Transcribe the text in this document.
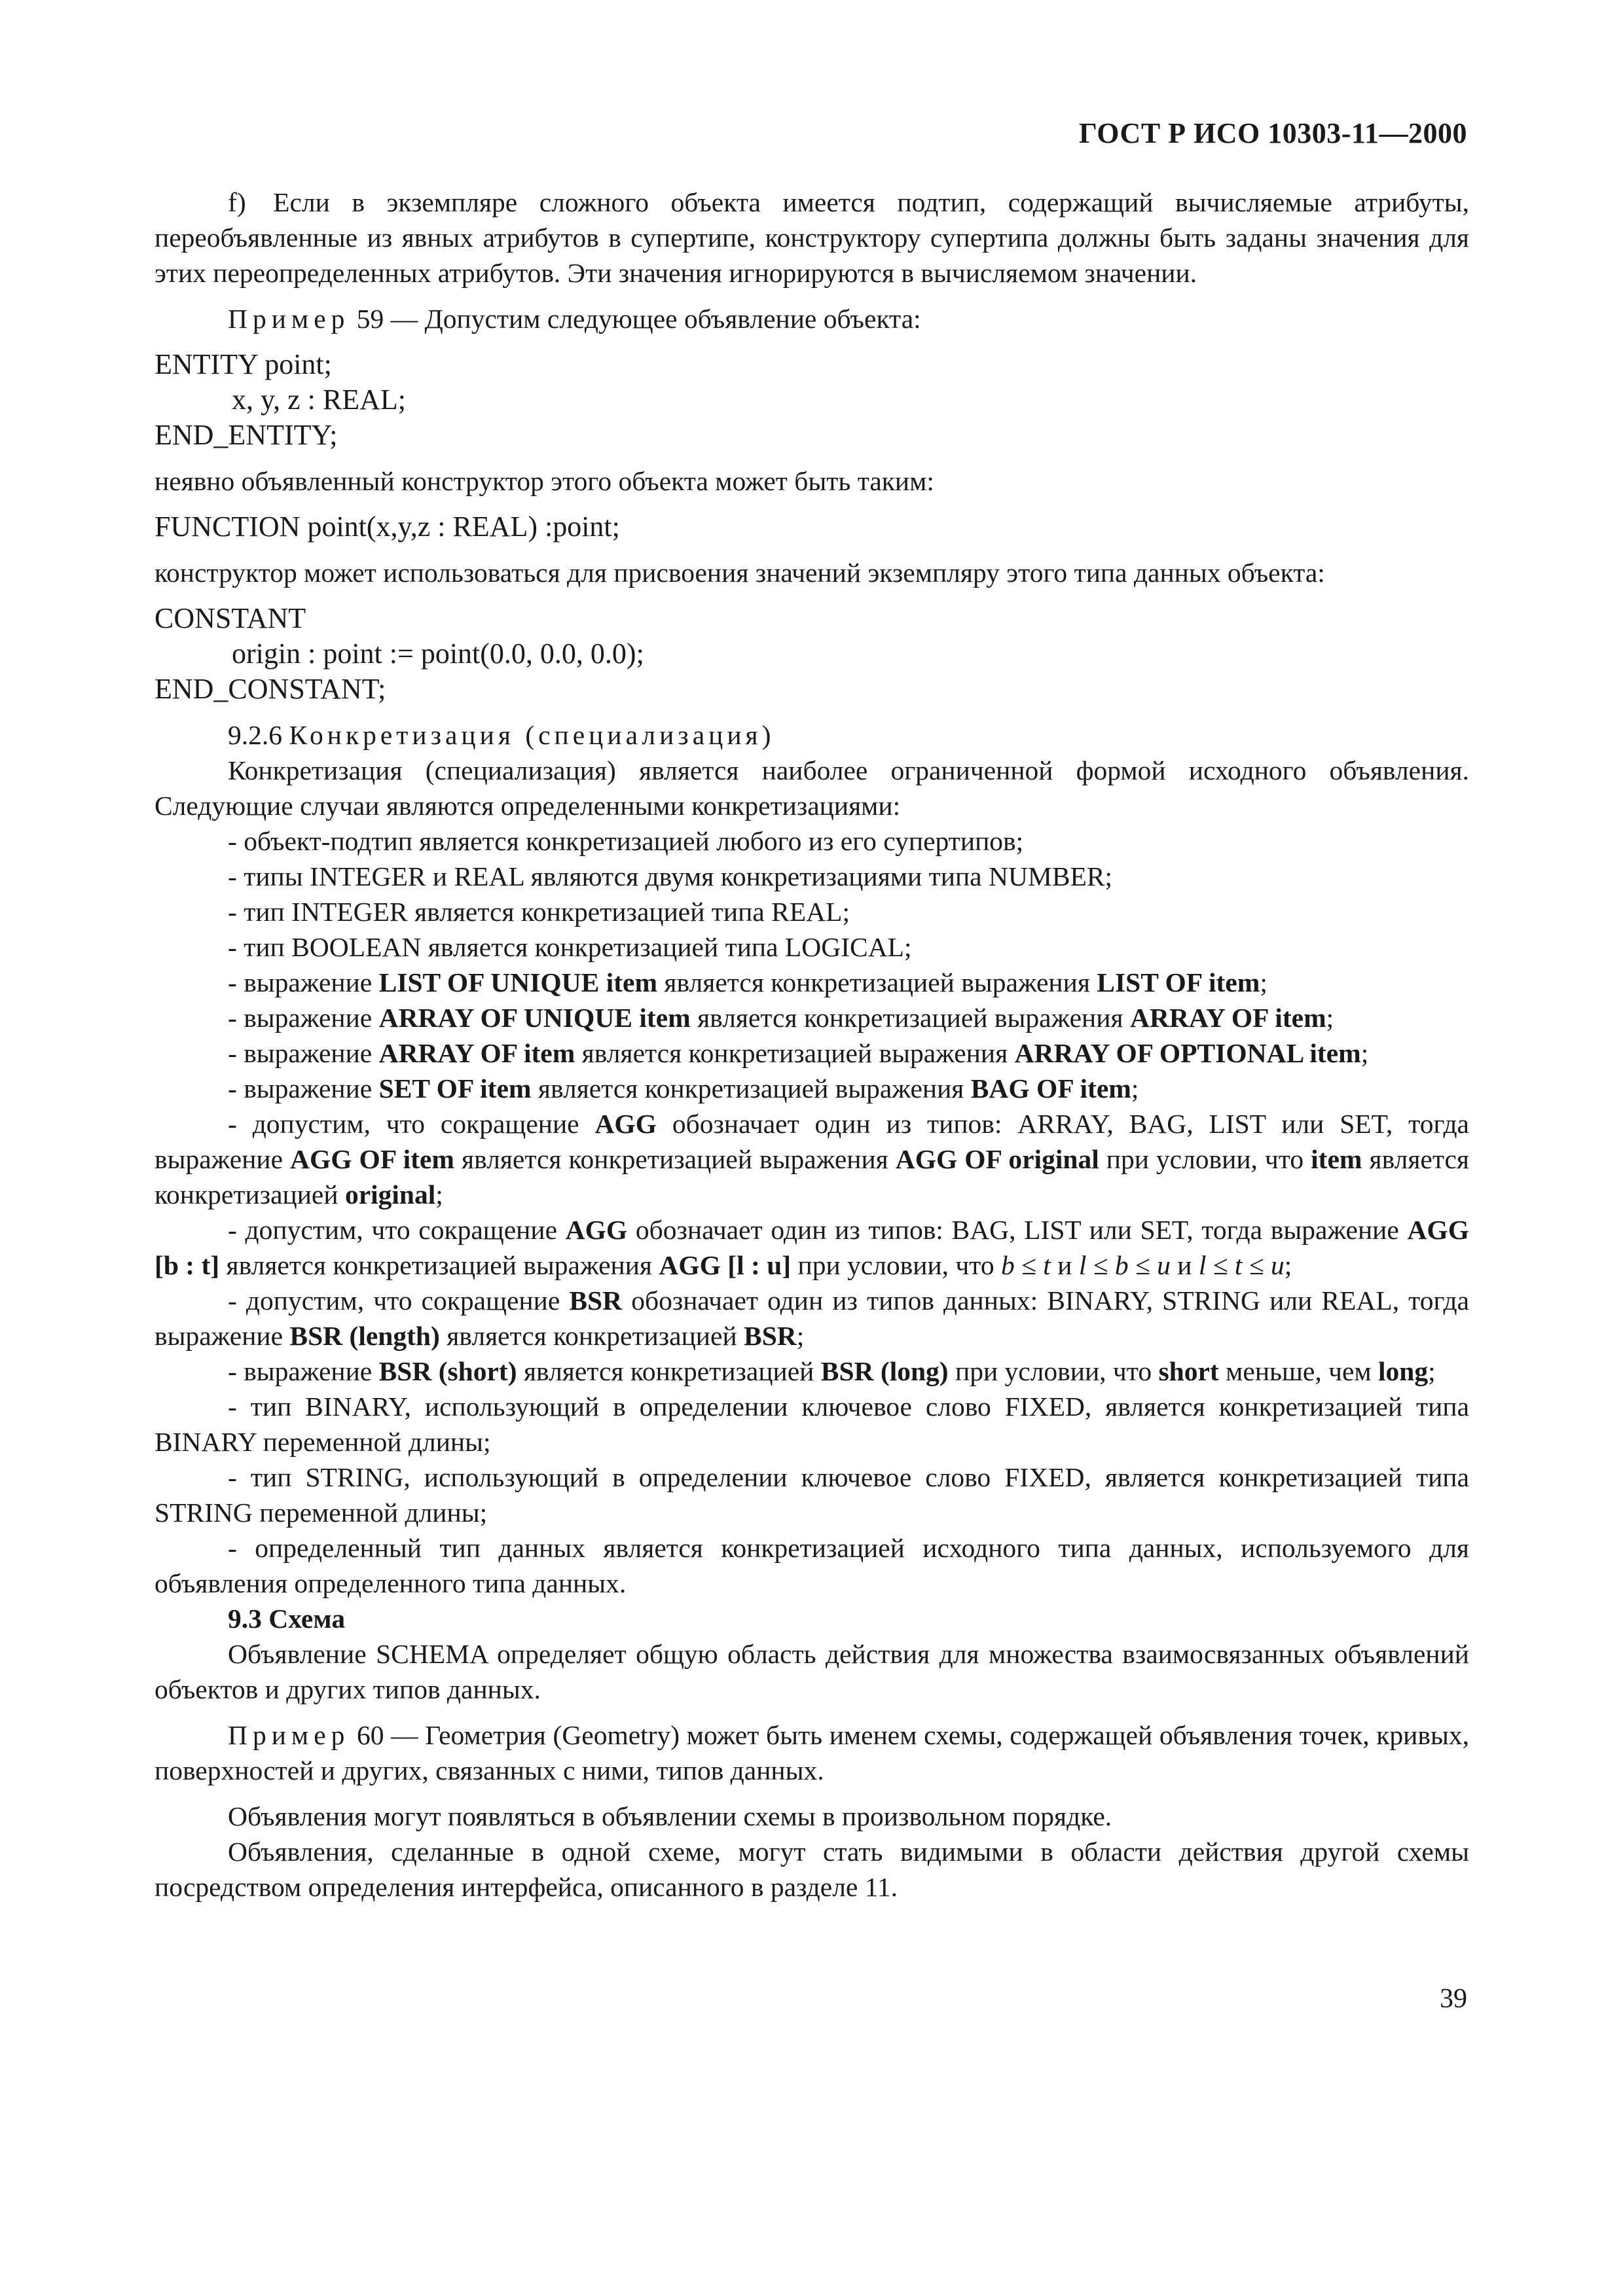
ГОСТ Р ИСО 10303-11—2000

f) Если в экземпляре сложного объекта имеется подтип, содержащий вычисляемые атрибуты, переобъявленные из явных атрибутов в супертипе, конструктору супертипа должны быть заданы значения для этих переопределенных атрибутов. Эти значения игнорируются в вычисляемом значении.

Пример 59 — Допустим следующее объявление объекта:

ENTITY point;

x, y, z : REAL;

END_ENTITY;

неявно объявленный конструктор этого объекта может быть таким:

FUNCTION point(x,y,z : REAL) :point;

конструктор может использоваться для присвоения значений экземпляру этого типа данных объекта:

CONSTANT

origin : point := point(0.0, 0.0, 0.0);

END_CONSTANT;

9.2.6 Конкретизация (специализация)

Конкретизация (специализация) является наиболее ограниченной формой исходного объявления. Следующие случаи являются определенными конкретизациями:

- объект-подтип является конкретизацией любого из его супертипов;

- типы INTEGER и REAL являются двумя конкретизациями типа NUMBER;

- тип INTEGER является конкретизацией типа REAL;

- тип BOOLEAN является конкретизацией типа LOGICAL;

- выражение LIST OF UNIQUE item является конкретизацией выражения LIST OF item;

- выражение ARRAY OF UNIQUE item является конкретизацией выражения ARRAY OF item;

- выражение ARRAY OF item является конкретизацией выражения ARRAY OF OPTIONAL item;

- выражение SET OF item является конкретизацией выражения BAG OF item;

- допустим, что сокращение AGG обозначает один из типов: ARRAY, BAG, LIST или SET, тогда выражение AGG OF item является конкретизацией выражения AGG OF original при условии, что item является конкретизацией original;

- допустим, что сокращение AGG обозначает один из типов: BAG, LIST или SET, тогда выражение AGG [b : t] является конкретизацией выражения AGG [l : u] при условии, что b ≤ t и l ≤ b ≤ u и l ≤ t ≤ u;

- допустим, что сокращение BSR обозначает один из типов данных: BINARY, STRING или REAL, тогда выражение BSR (length) является конкретизацией BSR;

- выражение BSR (short) является конкретизацией BSR (long) при условии, что short меньше, чем long;

- тип BINARY, использующий в определении ключевое слово FIXED, является конкретизацией типа BINARY переменной длины;

- тип STRING, использующий в определении ключевое слово FIXED, является конкретизацией типа STRING переменной длины;

- определенный тип данных является конкретизацией исходного типа данных, используемого для объявления определенного типа данных.

9.3 Схема

Объявление SCHEMA определяет общую область действия для множества взаимосвязанных объявлений объектов и других типов данных.

Пример 60 — Геометрия (Geometry) может быть именем схемы, содержащей объявления точек, кривых, поверхностей и других, связанных с ними, типов данных.

Объявления могут появляться в объявлении схемы в произвольном порядке.

Объявления, сделанные в одной схеме, могут стать видимыми в области действия другой схемы посредством определения интерфейса, описанного в разделе 11.

39
